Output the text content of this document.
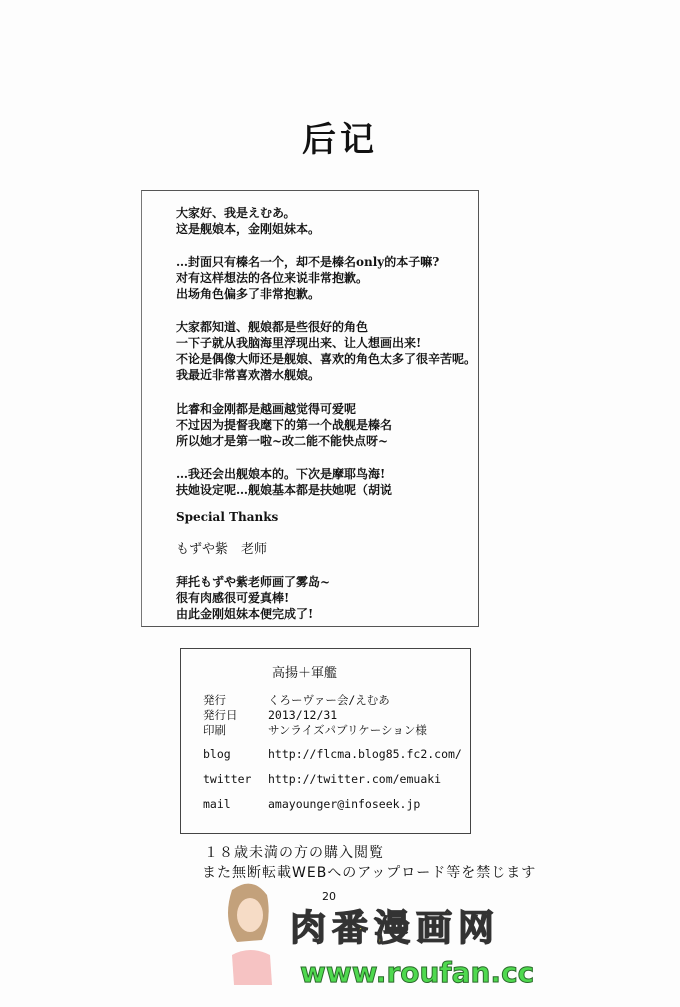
后记
大家好、我是えむあ。
这是舰娘本，金刚姐妹本。
…封面只有榛名一个，却不是榛名only的本子嘛?
对有这样想法的各位来说非常抱歉。
出场角色偏多了非常抱歉。
大家都知道、舰娘都是些很好的角色
一下子就从我脑海里浮现出来、让人想画出来!
不论是偶像大师还是舰娘、喜欢的角色太多了很辛苦呢。
我最近非常喜欢潜水舰娘。
比睿和金刚都是越画越觉得可爱呢
不过因为提督我麾下的第一个战舰是榛名
所以她才是第一啦~改二能不能快点呀~
…我还会出舰娘本的。下次是摩耶鸟海!
扶她设定呢…舰娘基本都是扶她呢（胡说
Special Thanks
もずや紫　老师
拜托もずや紫老师画了雾岛~
很有肉感很可爱真棒!
由此金刚姐妹本便完成了!
高揚＋軍艦
発行	くろーヴァー会/えむあ
発行日	2013/12/31
印刷	サンライズパブリケーション様
blog	http://flcma.blog85.fc2.com/
twitter http://twitter.com/emuaki
mail	amayounger@infoseek.jp
１８歳未満の方の購入閲覧
また無断転載WEBへのアップロード等を禁じます
20
肉番漫画网
www.roufan.cc
